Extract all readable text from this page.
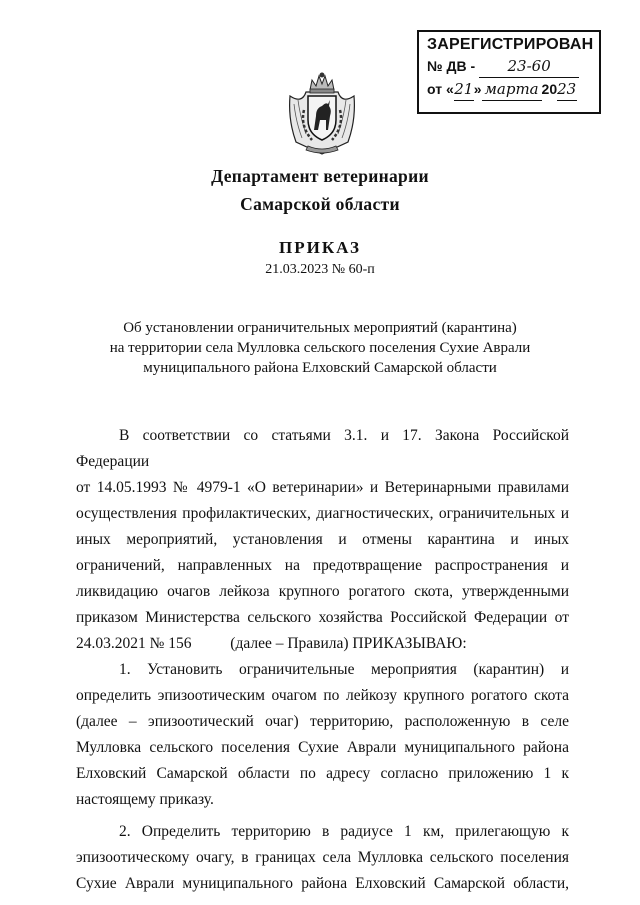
ЗАРЕГИСТРИРОВАН
№ ДВ - 23-60
от «21» марта 2023
Департамент ветеринарии
Самарской области
ПРИКАЗ
21.03.2023 № 60-п
Об установлении ограничительных мероприятий (карантина)
на территории села Мулловка сельского поселения Сухие Аврали
муниципального района Елховский Самарской области

В соответствии со статьями 3.1. и 17. Закона Российской Федерации

от 14.05.1993 № 4979-1 «О ветеринарии» и Ветеринарными правилами

осуществления профилактических, диагностических, ограничительных и

иных мероприятий, установления и отмены карантина и иных

ограничений, направленных на предотвращение распространения и

ликвидацию очагов лейкоза крупного рогатого скота, утвержденными

приказом Министерства сельского хозяйства Российской Федерации от

24.03.2021 № 156          (далее – Правила) ПРИКАЗЫВАЮ:

1.   Установить   ограничительные   мероприятия   (карантин)   и

определить эпизоотическим очагом по лейкозу крупного рогатого скота

(далее – эпизоотический очаг) территорию, расположенную в селе

Мулловка сельского поселения Сухие Аврали муниципального района

Елховский Самарской области по адресу согласно приложению 1 к

настоящему приказу.

2. Определить территорию в радиусе 1 км, прилегающую к

эпизоотическому очагу, в границах села Мулловка сельского поселения

Сухие Аврали муниципального района Елховский Самарской области,
